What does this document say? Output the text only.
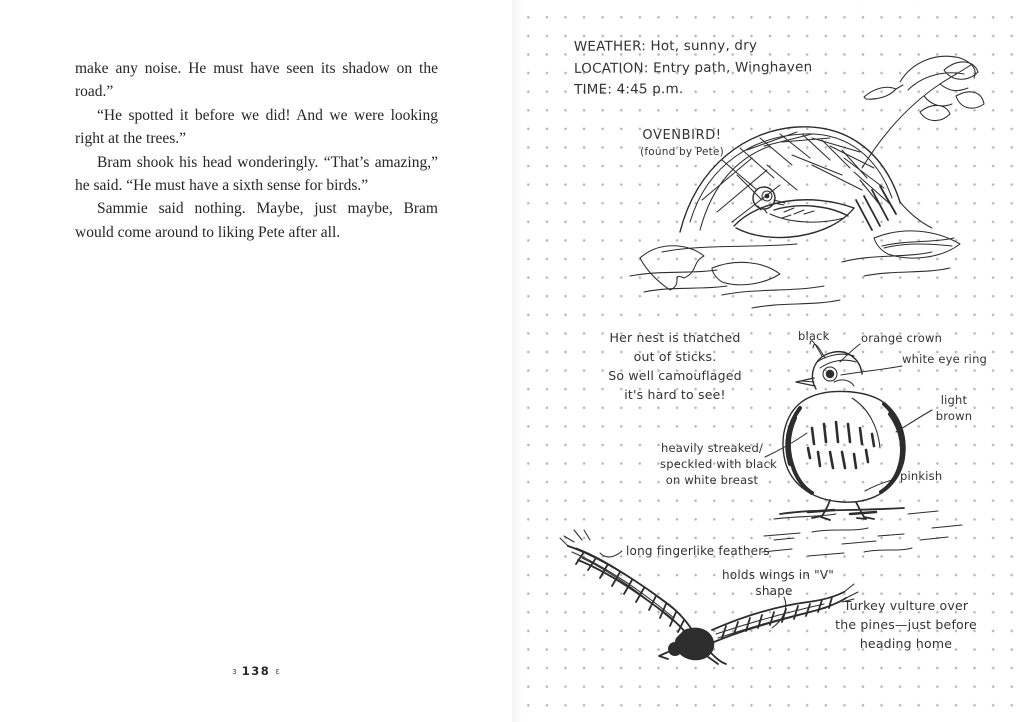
make any noise. He must have seen its shadow on the road.”

“He spotted it before we did! And we were looking right at the trees.”

Bram shook his head wonderingly. “That’s amazing,” he said. “He must have a sixth sense for birds.”

Sammie said nothing. Maybe, just maybe, Bram would come around to liking Pete after all.

ɜ 138 ɛ
WEATHER: Hot, sunny, dry
LOCATION: Entry path, Winghaven
TIME: 4:45 p.m.
OVENBIRD!
(found by Pete)
Her nest is thatched
out of sticks.
So well camouflaged
it's hard to see!
black	orange crown
white eye ring
light
brown
heavily streaked/
speckled with black
on white breast	pinkish
long fingerlike feathers
holds wings in "V"
shape
Turkey vulture over
the pines—just before
heading home
